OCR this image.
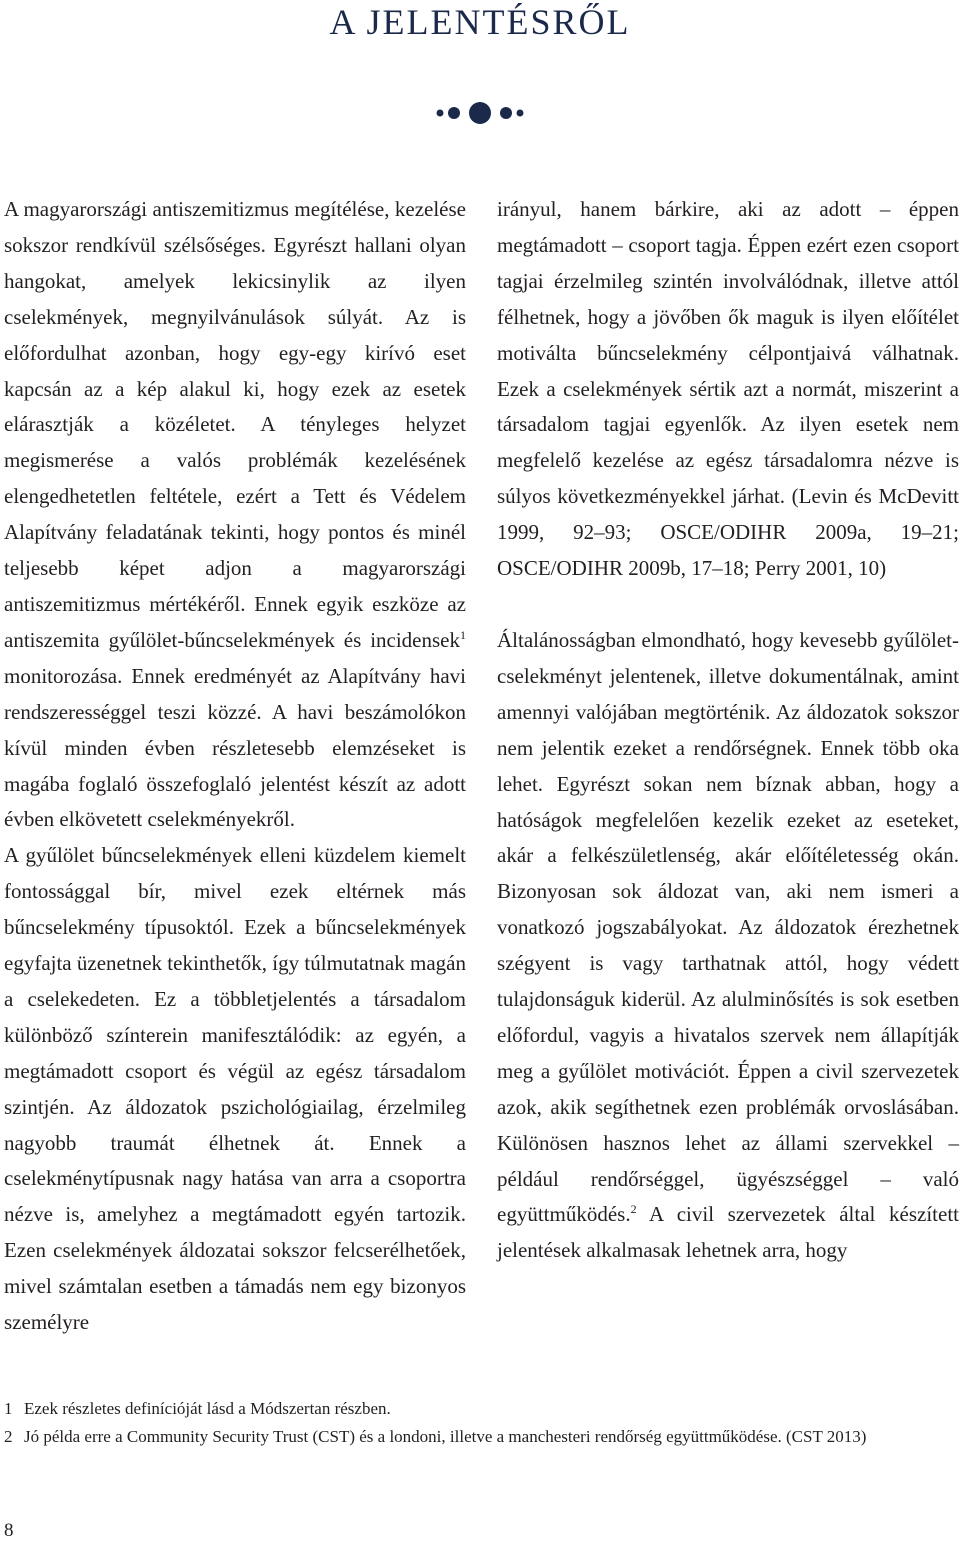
A JELENTÉSRŐL

A magyarországi antiszemitizmus megítélése, kezelése sokszor rendkívül szélsőséges. Egyrészt hallani olyan hangokat, amelyek lekicsinylik az ilyen cselekmények, megnyilvánulások súlyát. Az is előfordulhat azonban, hogy egy-egy kirívó eset kapcsán az a kép alakul ki, hogy ezek az esetek elárasztják a közéletet. A tényleges helyzet megismerése a valós problémák kezelésének elengedhetetlen feltétele, ezért a Tett és Védelem Alapítvány feladatának tekinti, hogy pontos és minél teljesebb képet adjon a magyarországi antiszemitizmus mértékéről. Ennek egyik eszköze az antiszemita gyűlölet-bűncselekmények és incidensek$^1$ monitorozása. Ennek eredményét az Alapítvány havi rendszerességgel teszi közzé. A havi beszámolókon kívül minden évben részletesebb elemzéseket is magába foglaló összefoglaló jelentést készít az adott évben elkövetett cselekményekről.

A gyűlölet bűncselekmények elleni küzdelem kiemelt fontossággal bír, mivel ezek eltérnek más bűncselekmény típusoktól. Ezek a bűncselekmények egyfajta üzenetnek tekinthetők, így túlmutatnak magán a cselekedeten. Ez a többletjelentés a társadalom különböző színterein manifesztálódik: az egyén, a megtámadott csoport és végül az egész társadalom szintjén. Az áldozatok pszichológiailag, érzelmileg nagyobb traumát élhetnek át. Ennek a cselekménytípusnak nagy hatása van arra a csoportra nézve is, amelyhez a megtámadott egyén tartozik. Ezen cselekmények áldozatai sokszor felcserélhetőek, mivel számtalan esetben a támadás nem egy bizonyos személyre

irányul, hanem bárkire, aki az adott – éppen megtámadott – csoport tagja. Éppen ezért ezen csoport tagjai érzelmileg szintén involválódnak, illetve attól félhetnek, hogy a jövőben ők maguk is ilyen előítélet motiválta bűncselekmény célpontjaivá válhatnak. Ezek a cselekmények sértik azt a normát, miszerint a társadalom tagjai egyenlők. Az ilyen esetek nem megfelelő kezelése az egész társadalomra nézve is súlyos következményekkel járhat. (Levin és McDevitt 1999, 92–93; OSCE/ODIHR 2009a, 19–21; OSCE/ODIHR 2009b, 17–18; Perry 2001, 10)

Általánosságban elmondható, hogy kevesebb gyűlölet-cselekményt jelentenek, illetve dokumentálnak, amint amennyi valójában megtörténik. Az áldozatok sokszor nem jelentik ezeket a rendőrségnek. Ennek több oka lehet. Egyrészt sokan nem bíznak abban, hogy a hatóságok megfelelően kezelik ezeket az eseteket, akár a felkészületlenség, akár előítéletesség okán. Bizonyosan sok áldozat van, aki nem ismeri a vonatkozó jogszabályokat. Az áldozatok érezhetnek szégyent is vagy tarthatnak attól, hogy védett tulajdonságuk kiderül. Az alulminősítés is sok esetben előfordul, vagyis a hivatalos szervek nem állapítják meg a gyűlölet motivációt. Éppen a civil szervezetek azok, akik segíthetnek ezen problémák orvoslásában. Különösen hasznos lehet az állami szervekkel – például rendőrséggel, ügyészséggel – való együttműködés.$^2$ A civil szervezetek által készített jelentések alkalmasak lehetnek arra, hogy

1 Ezek részletes definícióját lásd a Módszertan részben.
2 Jó példa erre a Community Security Trust (CST) és a londoni, illetve a manchesteri rendőrség együttműködése. (CST 2013)
8
